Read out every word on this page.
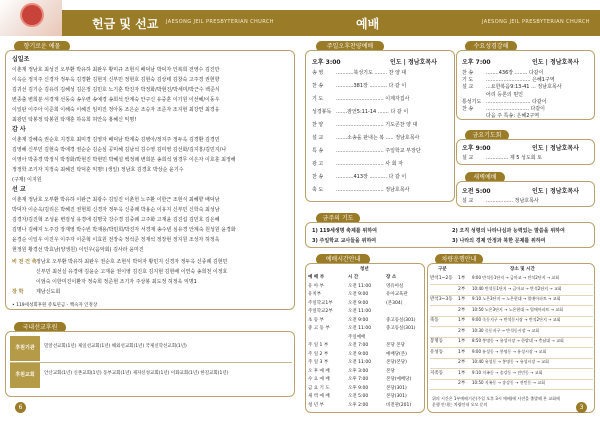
헌금 및 선교 JAESONG JEIL PRESBYTERIAN CHURCH
향기로운 예물
십일조
이춘재 정남호 최성진 오부환 박유하 최완우 황미규 조현식 배덕남 박덕자 인복희 전영수 김진만
이옥순 정지주 신경자 정두옥 김경환 김현지 신부민 정현호 김현숙 김상태 김창숙 고주경 권현향
김귀선 김기순 김유리 김혜성 김은정 김민호 노기훈 박진자 박정화/박현진/박세미/박근수 백준식
변종출 변희분 서경재 선동숙 송우련 송예경 송희석 안계숙 안구신 유중훈 이기원 이선혜/이동우
이일판 이주아 이준희 이해숙 이혜진 임미진 정아동 조은순 조승자 조준자 조지현 최강연 최경옹
최광민 탁봉정 탁봉원 탁재훈 하옥희 허안옥 홍혜신 익명!
감 사
이춘재 강혜숙 권순호 지경호 최미경 김영자 배덕남 박계숙 김병아/정지주 정두옥 김경환 김경민
김영혜 신부민 김현숙 박애경 권순순 김순심 공미혜 김남석 김수영 김미영 김선화/김지흥/김민지/나
이영아 박종경 박정식 박정화/박현진 박현민 박혜설 백정례 변희분 송희석 엄경무 이은자 이호훈 최정해
정정학 조기자 지정숙 최혜진 탁덕훈 익명! (생일) 정남호 김경호 박상순 윤기수
(구제) 이지원
선 교
이춘재 정남호 오부환 박유하 이완근 최광수 김일진 이춘헌 노주환 이한근 조현식 최혜향 배덕남
박덕자 이순옥/김리은 박혜진 권현희 신경자 정두옥 신종례 박용순 이유지 신부민 신학숙 최성남
김경자/김진혁 조성윤 변검성 유경애 김명국 강수경 김중례 고주화 고재윤 김진섭 김민호 김은혜
김명나 김혜지 노주강 장재영 박수빈 박재용/박민희/박진자 서경재 송수빈 심유경 안계숙 원성원 윤경화
윤경순 이일우 이진우 이주자 이준혁 이효원 전장숙 정석준 정재석 정장현 정지원 조성자 허정욱
현정원 황경선 박효남(양생원) 이인우(음악회) 김사라 윤미진
비 전 건 축 정남호 오부환 박유하 최완우 권순호 조현식 박덕자 황민지 신경자 정두옥 신종례 김현민
신부민 최선실 유경애 김윤순 고재윤 권이영 김진호 김지현 김현배 이연숙 송희천 이정호
이엄숙 이한미진이환자 정숙희 정준현 조기자 주상봉 최도정 허정욱 익명1
장 학	제남신도회
• 119세성회후원 쥬토된금 - 백숙자 인정상
국내선교후원
후원기관	밀알선교회(1년) 제일선교회(1년) 해외선교회(1년) 국제신학선교회(1년)
후원교회	안산교회(1년) 신촌교회(1년) 동부교회(1년) 제자신성교회(1년) 이화교회(1년) 한길교회(1년)
6
예배	JAESONG JEIL PRESBYTERIAN CHURCH
주일오후찬양예배
오후 3:00	인도 | 정남호목사
송 영	...........북성기도 ........ 찬 양 대
찬 송	...........381장 ........... 다 같 이
기 도	.............................. 이제자집사
성경봉독 .......잠언5:11-14 ....... 다 같 이
찬 양	.............................. 기도콘찬 양 대
설 교	.......소송을 판내는 복 ..... 정남호목사
특 송	.............................. 주일학교 부장단
광 고	.............................. 사 회 자
찬 송	...........413장 ........... 다 같 이
축 도	.............................. 정남호목사
수요성경강해
오후 7:00	인도 | 정남호목사
찬 송	........436장 ........ 다같이
기 도	............................ 은혜1구역
설 교	...요한복음9:13-41 ... 정남호목사
어리 등론의 믿인
통성기도 ............................ 다같이
찬 송	........................... 다같이
다음 주 특송: 은혜2구역
금요기도회
오후 9:00	인도 | 정남호목사
설 교	.............. 제 5 성도회 토
새벽예배
오전 5:00	인도 | 정남호목사
설 교	................. 정남호목사
금주의 기도
1) 119세생명 축제를 위하여
3) 주일학교 교사들을 위하여
2) 오직 성령의 나타나심과 능력있는 말씀을 위하여
3) 나라의 경제 안정과 북한 문제를 위하여
예배시간안내
청년
예 배 부	시 간	장 소
유 아 부	오전 11:00	영유아실
유치부	오전 9:00	유아교육관
주일학교1부	오전 9:00	(본304)
주일학교2부	오전 11:00
초 등 부	오전 9:00	중고등실(301)
중 고 등 부	오전 11:00	중고등실(301)
주일예배
주 일 1 부	오전 7:00	본당 본당
주 일 2 부	오전 9:00	예배당(본)
주 일 3 부	오전 11:00	본당(본당)
오 후 예 배	오후 3:00	본당
수 요 예 배	오후 7:00	본당(예배당)
금 요 기 도	오후 9:00	본당(301)
새 벽 예 배	오전 5:00	본당(301)
청 년 부	오후 2:00	비전관(201)
차량운행안내
구분	장소 및 시간
반석1~2동	1부	9:00 반석동1단지 → 금마교 → 반석2단지 → 교회
2부	10:40 반석동1단지 → 금마교 → 반석2단지 → 교회
반석3~3동	1부	9:10 노은3단지 → 노은현대 → 열매아파트 → 교회
2부	10:50 노은3단지 → 노은현대 → 열매아파트 → 교회
죽동	1부	9:00 죽동지구 → 반석동시장 → 반석2단지 → 교회
2부	10:30 죽동지구 → 반석동시장 → 교회
봉명동	1부	8:50 봉명동 → 유성시장 → 한밭대 → 충남대 → 교회
유성동	1부	9:00 유성동 → 봉명동 → 유성시장 → 교회
2부	10:40 유성동 → 봉명동 → 유성시장 → 교회
지족동	1부	9:10 지족동 → 송강동 → 전민동 → 교회
2부	10:50 지족동 → 송강동 → 전민동 → 교회
위의 시간은 1부예배기준(주일 오후 3시 예배)에 사전을 출발해 본 교회에
운행 안내는 차량안내 오모 문의	3
